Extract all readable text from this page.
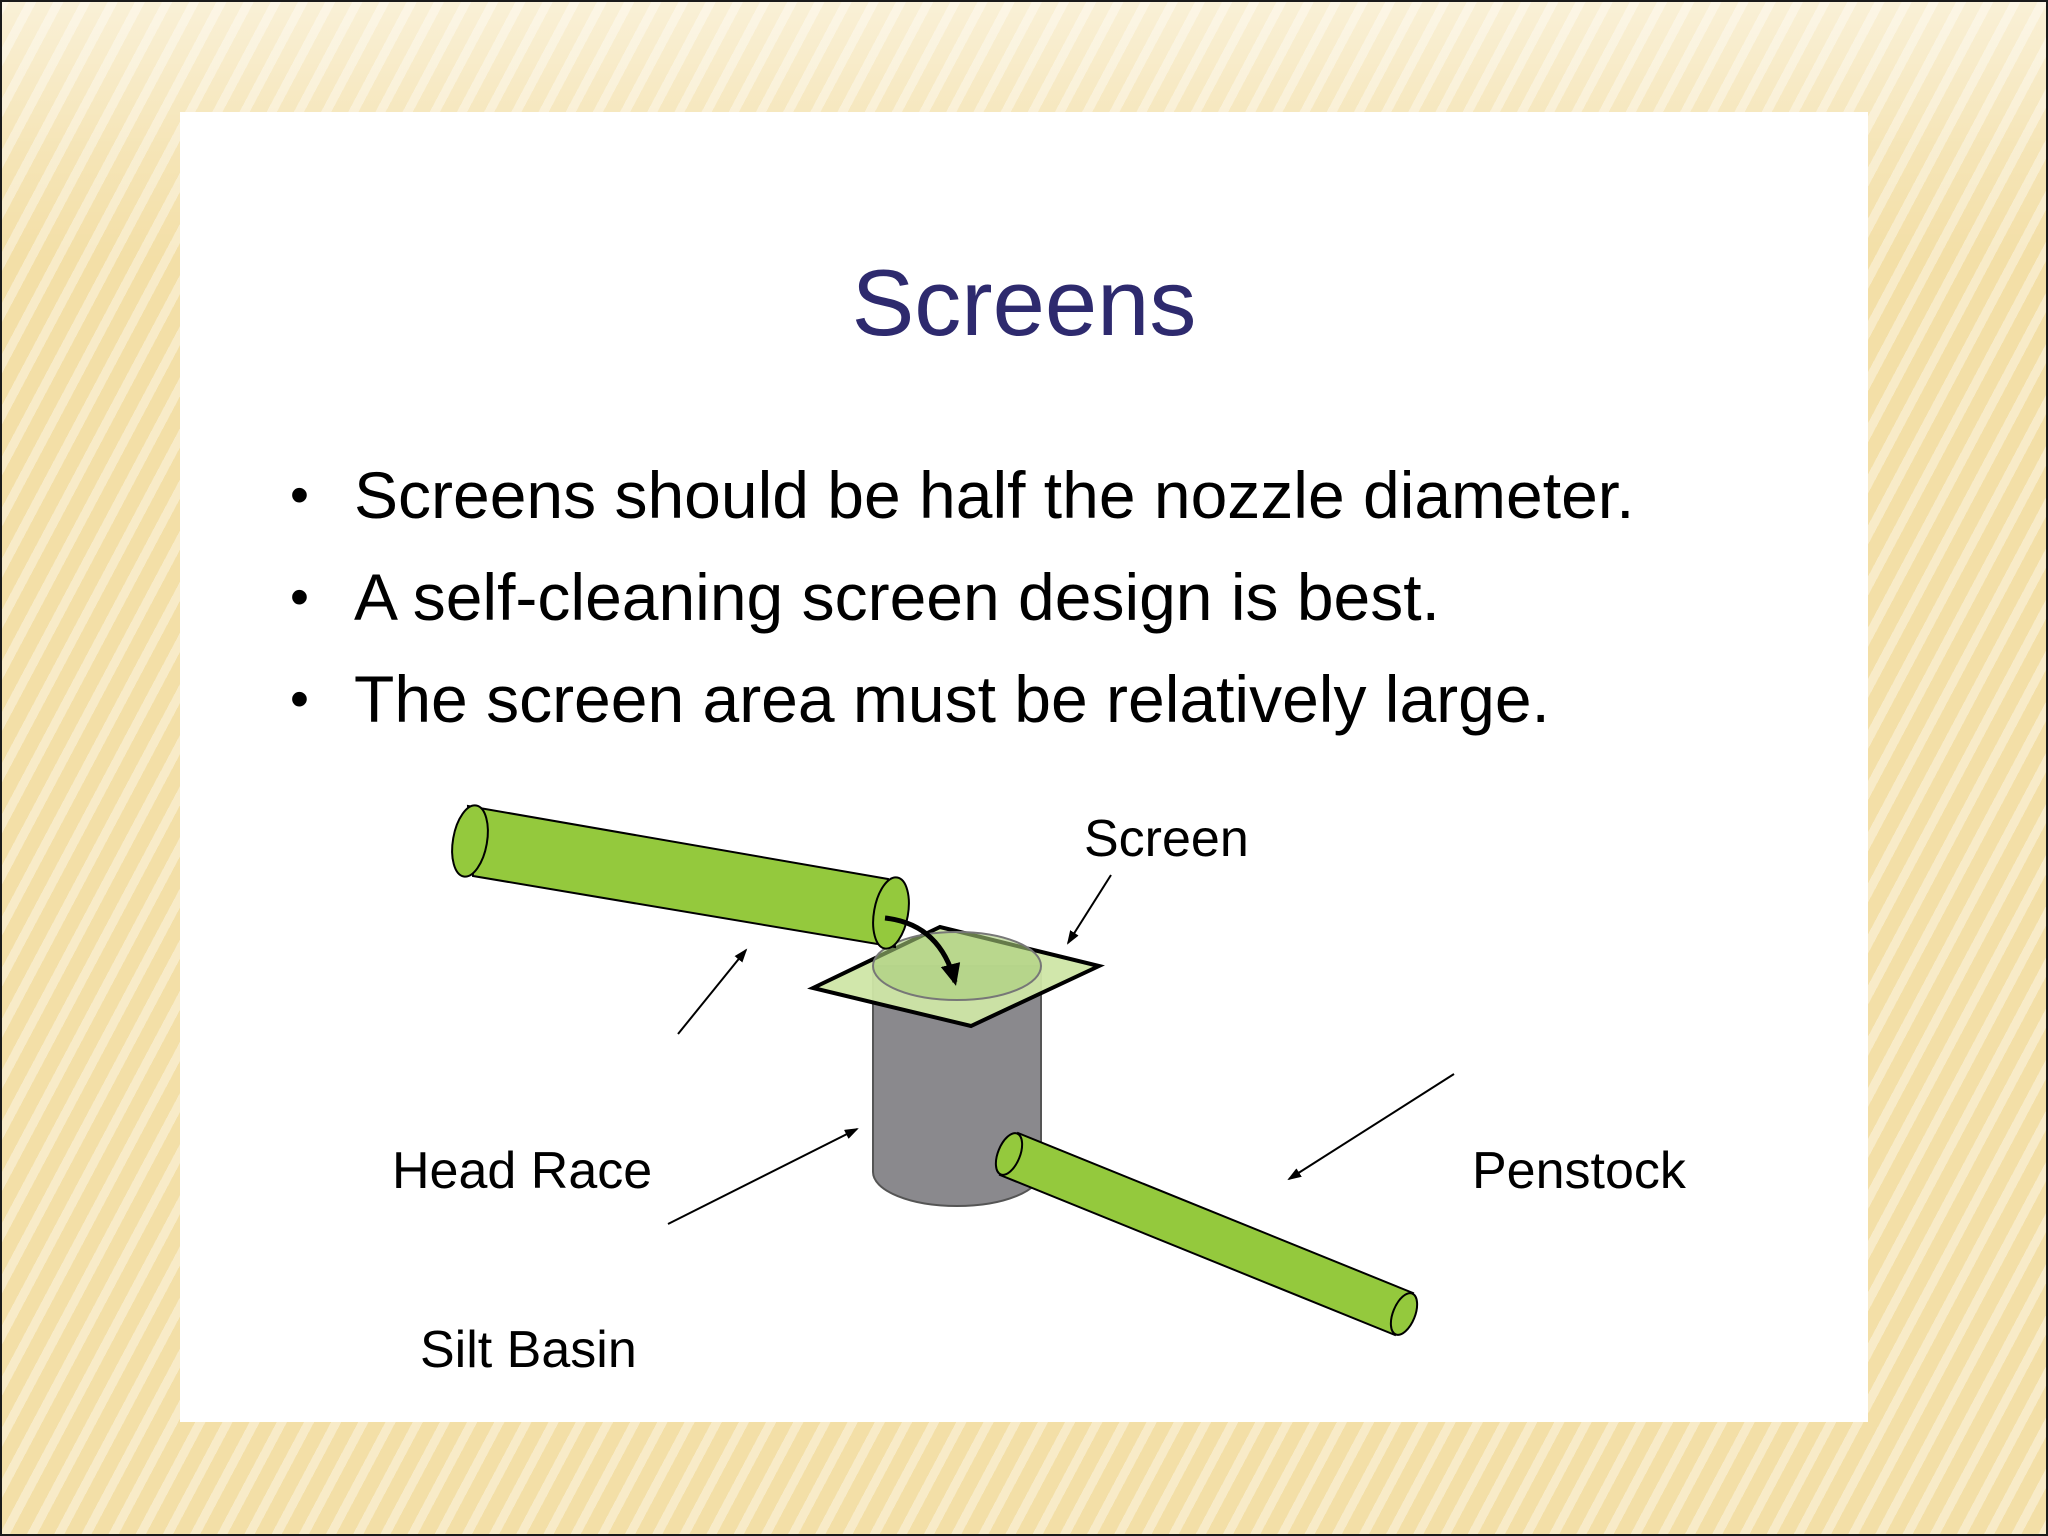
Screens
• Screens should be half the nozzle diameter.
• A self-cleaning screen design is best.
• The screen area must be relatively large.
Screen
Head Race	Penstock
Silt Basin
